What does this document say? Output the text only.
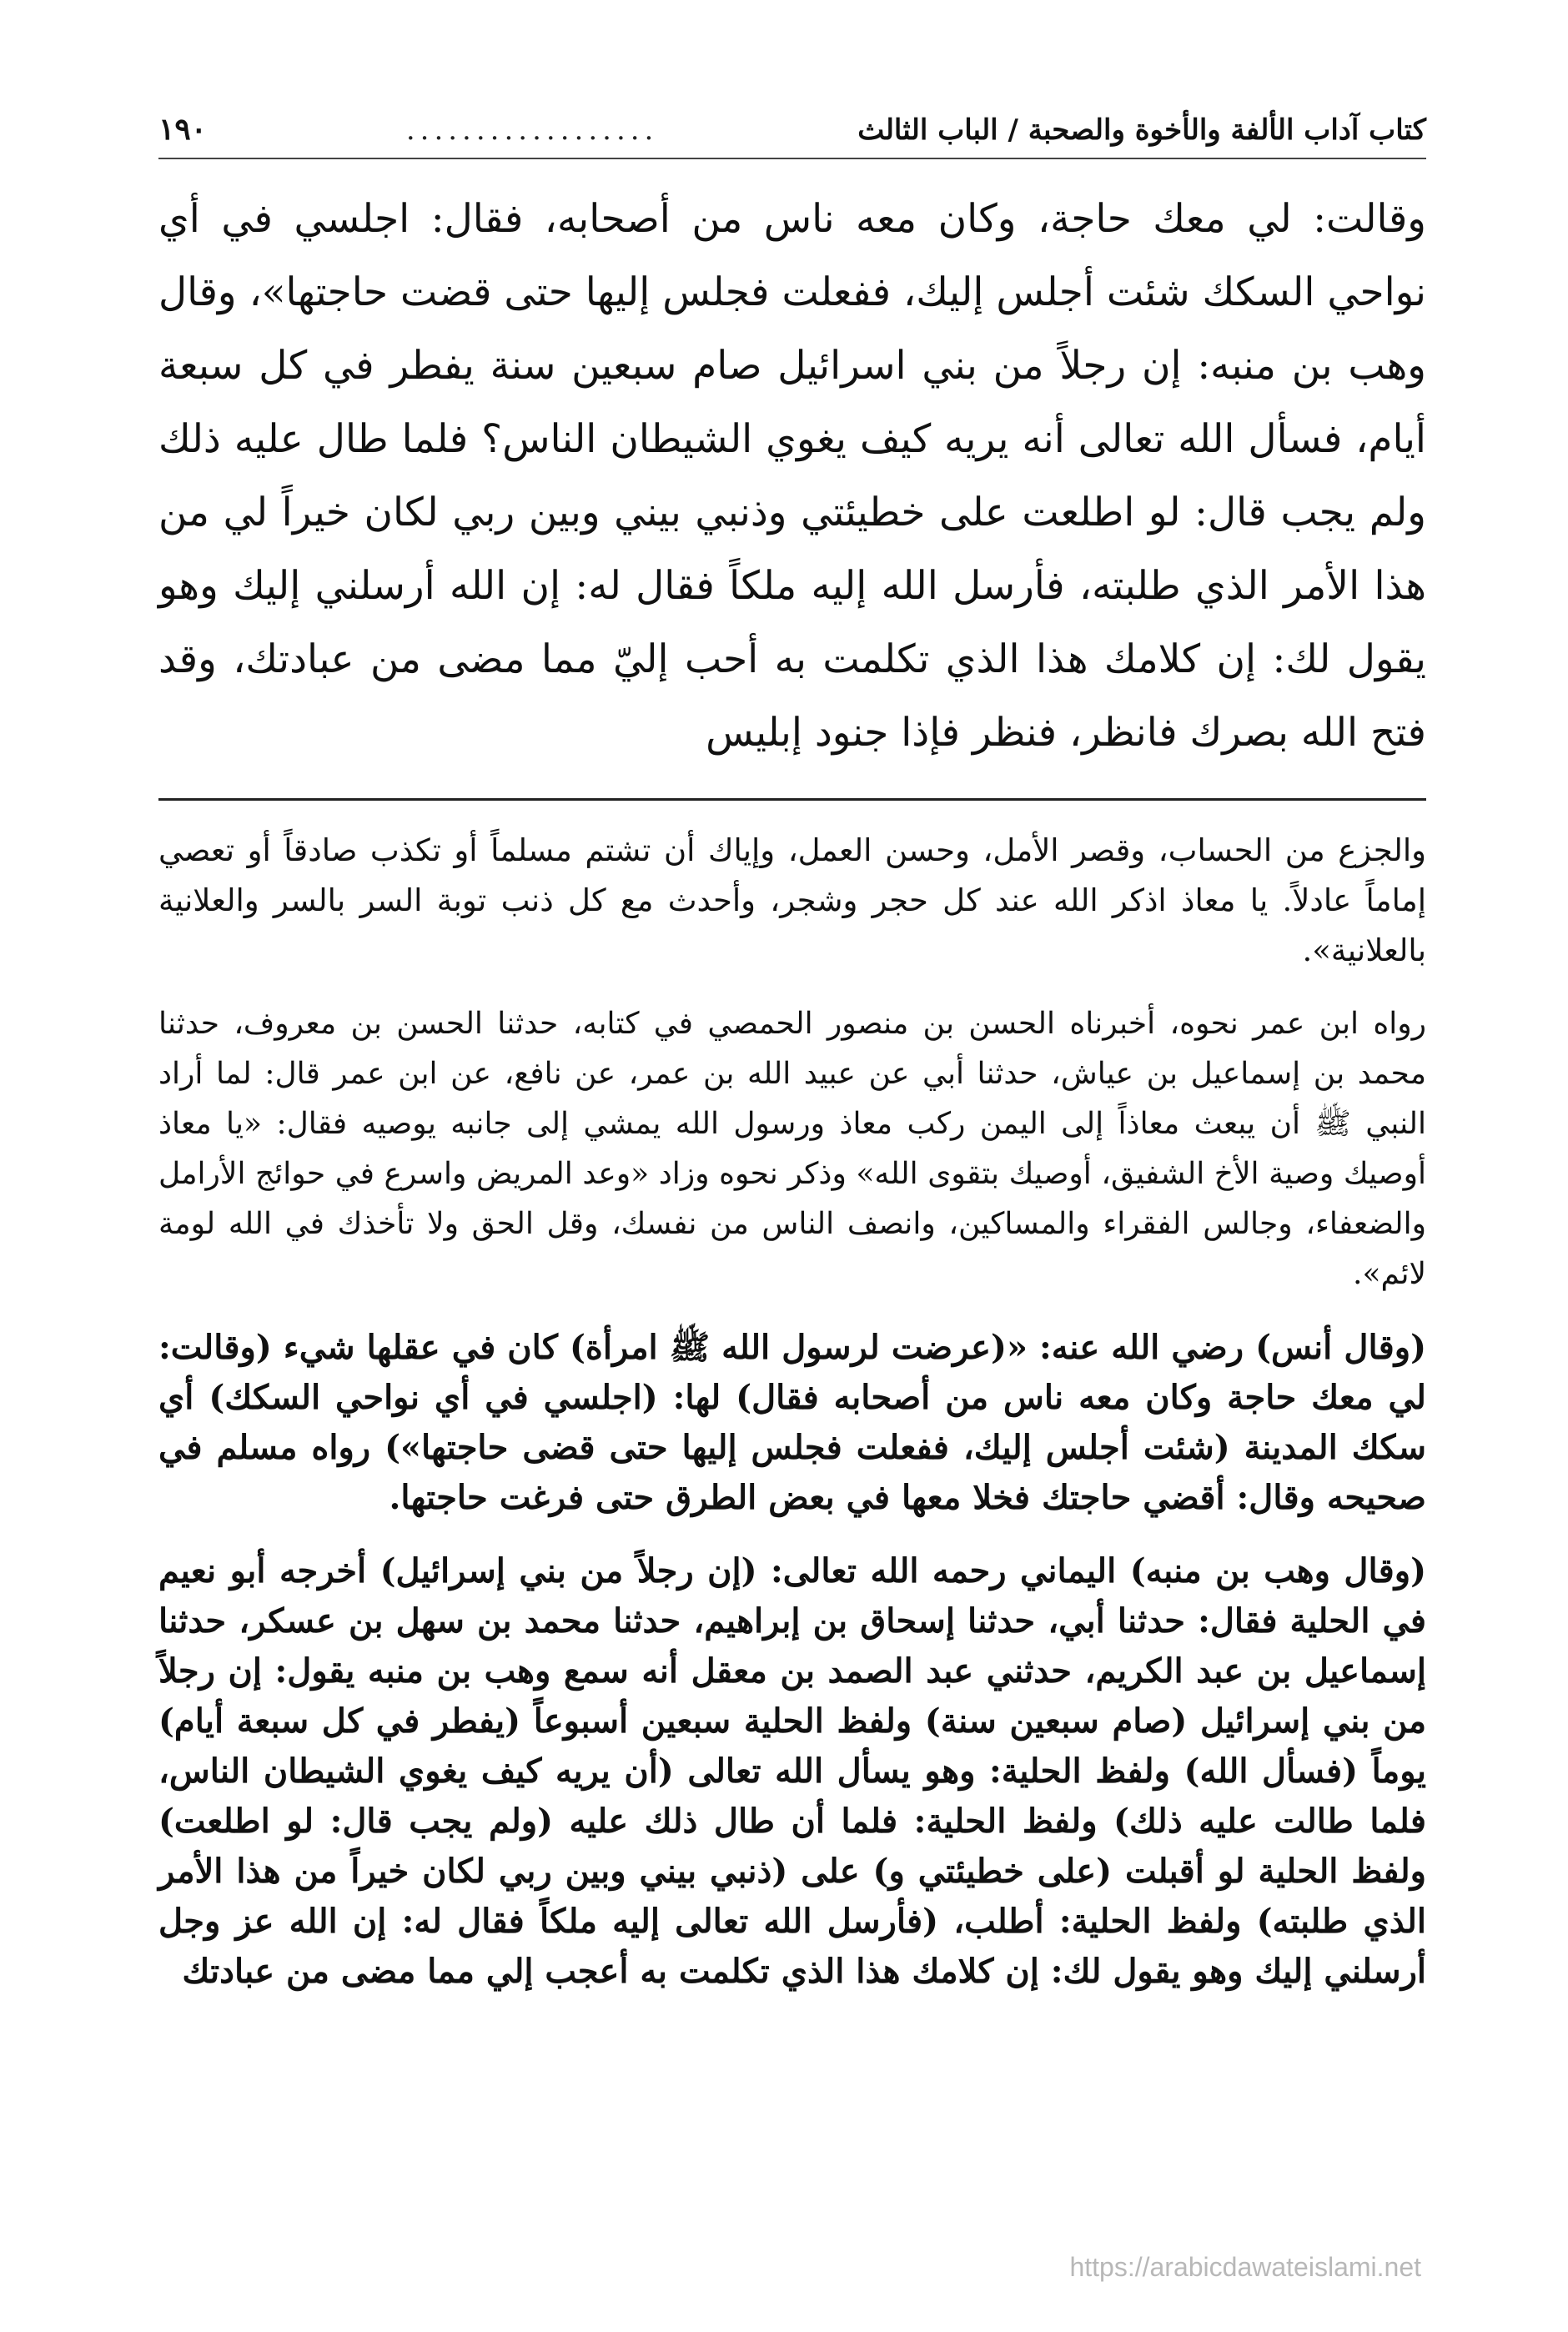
كتاب آداب الألفة والأخوة والصحبة / الباب الثالث
..................
١٩٠
وقالت: لي معك حاجة، وكان معه ناس من أصحابه، فقال: اجلسي في أي نواحي السكك شئت أجلس إليك، ففعلت فجلس إليها حتى قضت حاجتها»، وقال وهب بن منبه: إن رجلاً من بني اسرائيل صام سبعين سنة يفطر في كل سبعة أيام، فسأل الله تعالى أنه يريه كيف يغوي الشيطان الناس؟ فلما طال عليه ذلك ولم يجب قال: لو اطلعت على خطيئتي وذنبي بيني وبين ربي لكان خيراً لي من هذا الأمر الذي طلبته، فأرسل الله إليه ملكاً فقال له: إن الله أرسلني إليك وهو يقول لك: إن كلامك هذا الذي تكلمت به أحب إليّ مما مضى من عبادتك، وقد فتح الله بصرك فانظر، فنظر فإذا جنود إبليس

والجزع من الحساب، وقصر الأمل، وحسن العمل، وإياك أن تشتم مسلماً أو تكذب صادقاً أو تعصي إماماً عادلاً. يا معاذ اذكر الله عند كل حجر وشجر، وأحدث مع كل ذنب توبة السر بالسر والعلانية بالعلانية».

رواه ابن عمر نحوه، أخبرناه الحسن بن منصور الحمصي في كتابه، حدثنا الحسن بن معروف، حدثنا محمد بن إسماعيل بن عياش، حدثنا أبي عن عبيد الله بن عمر، عن نافع، عن ابن عمر قال: لما أراد النبي ﷺ أن يبعث معاذاً إلى اليمن ركب معاذ ورسول الله يمشي إلى جانبه يوصيه فقال: «يا معاذ أوصيك وصية الأخ الشفيق، أوصيك بتقوى الله» وذكر نحوه وزاد «وعد المريض واسرع في حوائج الأرامل والضعفاء، وجالس الفقراء والمساكين، وانصف الناس من نفسك، وقل الحق ولا تأخذك في الله لومة لائم».

(وقال أنس) رضي الله عنه: «(عرضت لرسول الله ﷺ امرأة) كان في عقلها شيء (وقالت: لي معك حاجة وكان معه ناس من أصحابه فقال) لها: (اجلسي في أي نواحي السكك) أي سكك المدينة (شئت أجلس إليك، ففعلت فجلس إليها حتى قضى حاجتها») رواه مسلم في صحيحه وقال: أقضي حاجتك فخلا معها في بعض الطرق حتى فرغت حاجتها.

(وقال وهب بن منبه) اليماني رحمه الله تعالى: (إن رجلاً من بني إسرائيل) أخرجه أبو نعيم في الحلية فقال: حدثنا أبي، حدثنا إسحاق بن إبراهيم، حدثنا محمد بن سهل بن عسكر، حدثنا إسماعيل بن عبد الكريم، حدثني عبد الصمد بن معقل أنه سمع وهب بن منبه يقول: إن رجلاً من بني إسرائيل (صام سبعين سنة) ولفظ الحلية سبعين أسبوعاً (يفطر في كل سبعة أيام) يوماً (فسأل الله) ولفظ الحلية: وهو يسأل الله تعالى (أن يريه كيف يغوي الشيطان الناس، فلما طالت عليه ذلك) ولفظ الحلية: فلما أن طال ذلك عليه (ولم يجب قال: لو اطلعت) ولفظ الحلية لو أقبلت (على خطيئتي و) على (ذنبي بيني وبين ربي لكان خيراً من هذا الأمر الذي طلبته) ولفظ الحلية: أطلب، (فأرسل الله تعالى إليه ملكاً فقال له: إن الله عز وجل أرسلني إليك وهو يقول لك: إن كلامك هذا الذي تكلمت به أعجب إلي مما مضى من عبادتك

https://arabicdawateislami.net
